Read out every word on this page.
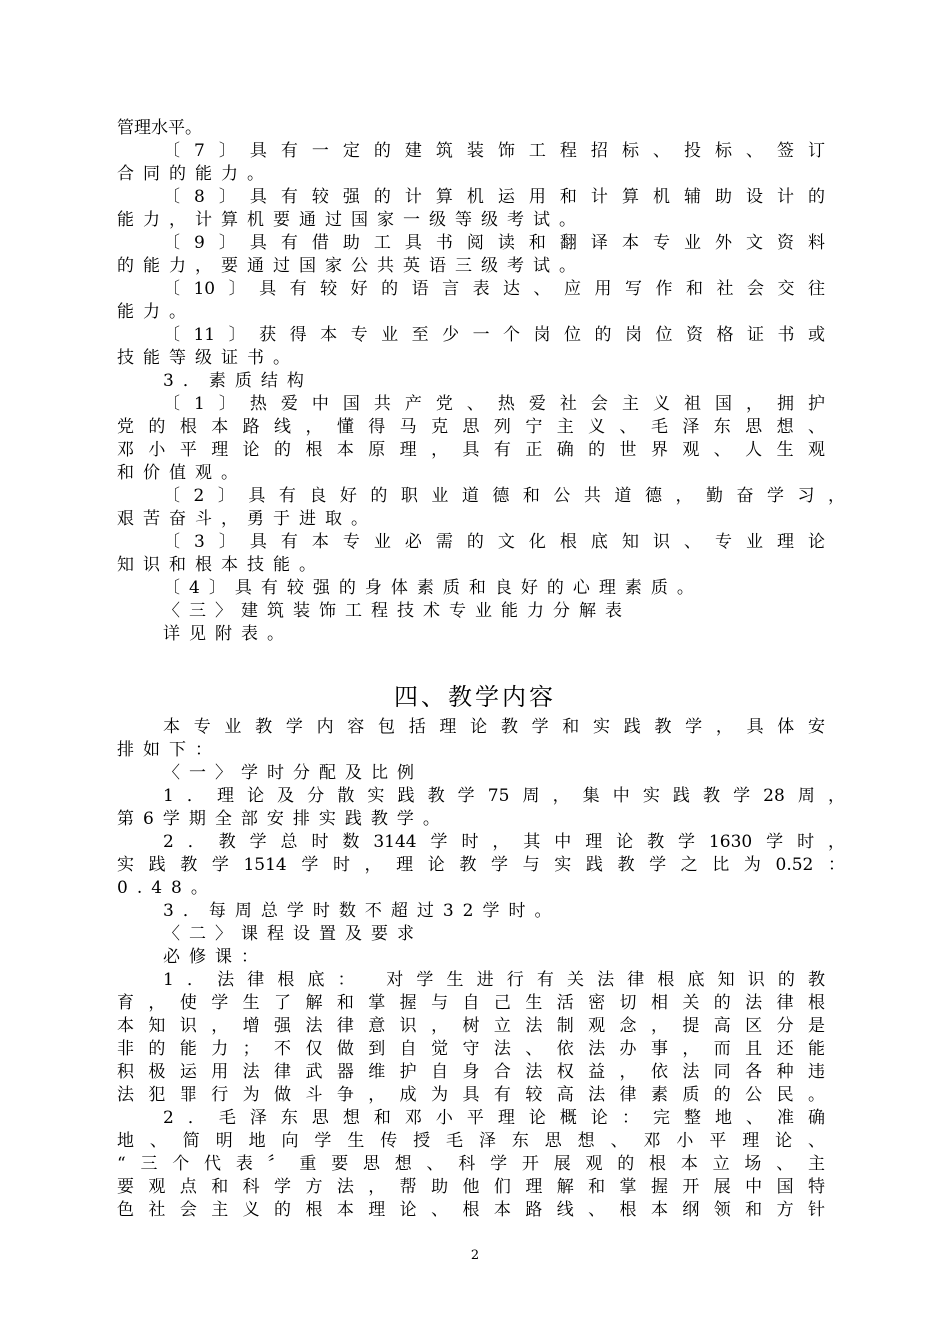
管理水平。
〔7〕具有一定的建筑装饰工程招标、投标、签订
合同的能力。
〔8〕具有较强的计算机运用和计算机辅助设计的
能力，计算机要通过国家一级等级考试。
〔9〕具有借助工具书阅读和翻译本专业外文资料
的能力，要通过国家公共英语三级考试。
〔10〕具有较好的语言表达、应用写作和社会交往
能力。
〔11〕获得本专业至少一个岗位的岗位资格证书或
技能等级证书。
3．素质结构
〔1〕热爱中国共产党、热爱社会主义祖国，拥护
党的根本路线，懂得马克思列宁主义、毛泽东思想、
邓小平理论的根本原理，具有正确的世界观、人生观
和价值观。
〔2〕具有良好的职业道德和公共道德，勤奋学习，
艰苦奋斗，勇于进取。
〔3〕具有本专业必需的文化根底知识、专业理论
知识和根本技能。
〔4〕具有较强的身体素质和良好的心理素质。
〈三〉建筑装饰工程技术专业能力分解表
详见附表。
四、教学内容
本专业教学内容包括理论教学和实践教学，具体安
排如下：
〈一〉学时分配及比例
1．理论及分散实践教学75周，集中实践教学28周，
第6学期全部安排实践教学。
2．教学总时数3144学时，其中理论教学1630学时，
实践教学1514学时，理论教学与实践教学之比为0.52：
0.48。
3．每周总学时数不超过32学时。
〈二〉课程设置及要求
必修课：
1．法律根底： 对学生进行有关法律根底知识的教
育，使学生了解和掌握与自己生活密切相关的法律根
本知识，增强法律意识，树立法制观念，提高区分是
非的能力；不仅做到自觉守法、依法办事，而且还能
积极运用法律武器维护自身合法权益，依法同各种违
法犯罪行为做斗争，成为具有较高法律素质的公民。
2．毛泽东思想和邓小平理论概论：完整地、准确
地、简明地向学生传授毛泽东思想、邓小平理论、
“三个代表〞重要思想、科学开展观的根本立场、主
要观点和科学方法，帮助他们理解和掌握开展中国特
色社会主义的根本理论、根本路线、根本纲领和方针
2
